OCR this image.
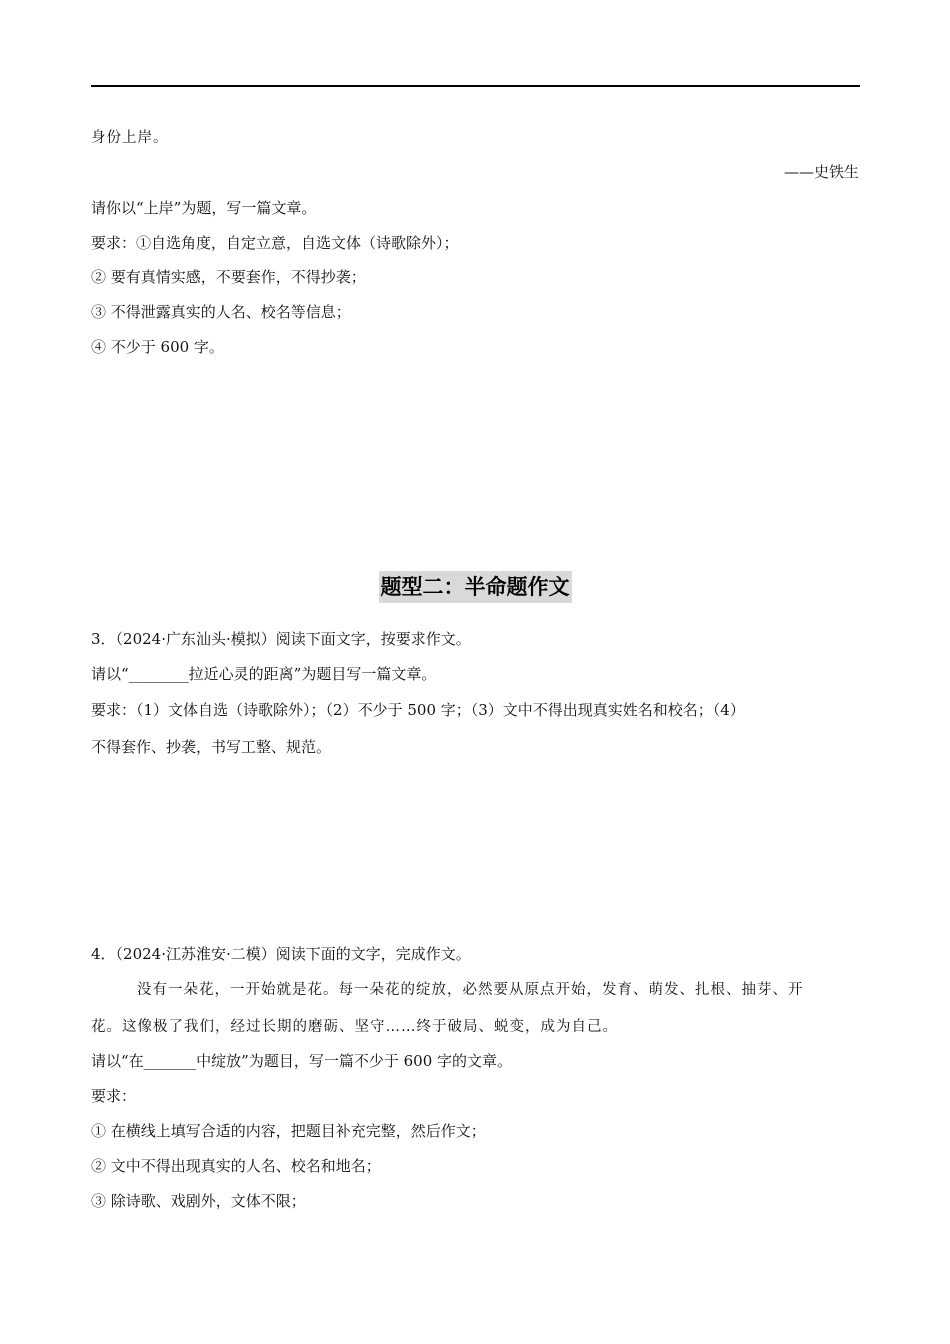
身份上岸。
——史铁生
请你以“上岸”为题，写一篇文章。
要求：①自选角度，自定立意，自选文体（诗歌除外）；
② 要有真情实感，不要套作，不得抄袭；
③ 不得泄露真实的人名、校名等信息；
④ 不少于 600 字。
题型二：半命题作文
3．（2024·广东汕头·模拟）阅读下面文字，按要求作文。
请以“________拉近心灵的距离”为题目写一篇文章。
要求：（1）文体自选（诗歌除外）；（2）不少于 500 字；（3）文中不得出现真实姓名和校名；（4）
不得套作、抄袭，书写工整、规范。
4．（2024·江苏淮安·二模）阅读下面的文字，完成作文。
没有一朵花，一开始就是花。每一朵花的绽放，必然要从原点开始，发育、萌发、扎根、抽芽、开
花。这像极了我们，经过长期的磨砺、坚守……终于破局、蜕变，成为自己。
请以“在_______中绽放”为题目，写一篇不少于 600 字的文章。
要求：
① 在横线上填写合适的内容，把题目补充完整，然后作文；
② 文中不得出现真实的人名、校名和地名；
③ 除诗歌、戏剧外，文体不限；
